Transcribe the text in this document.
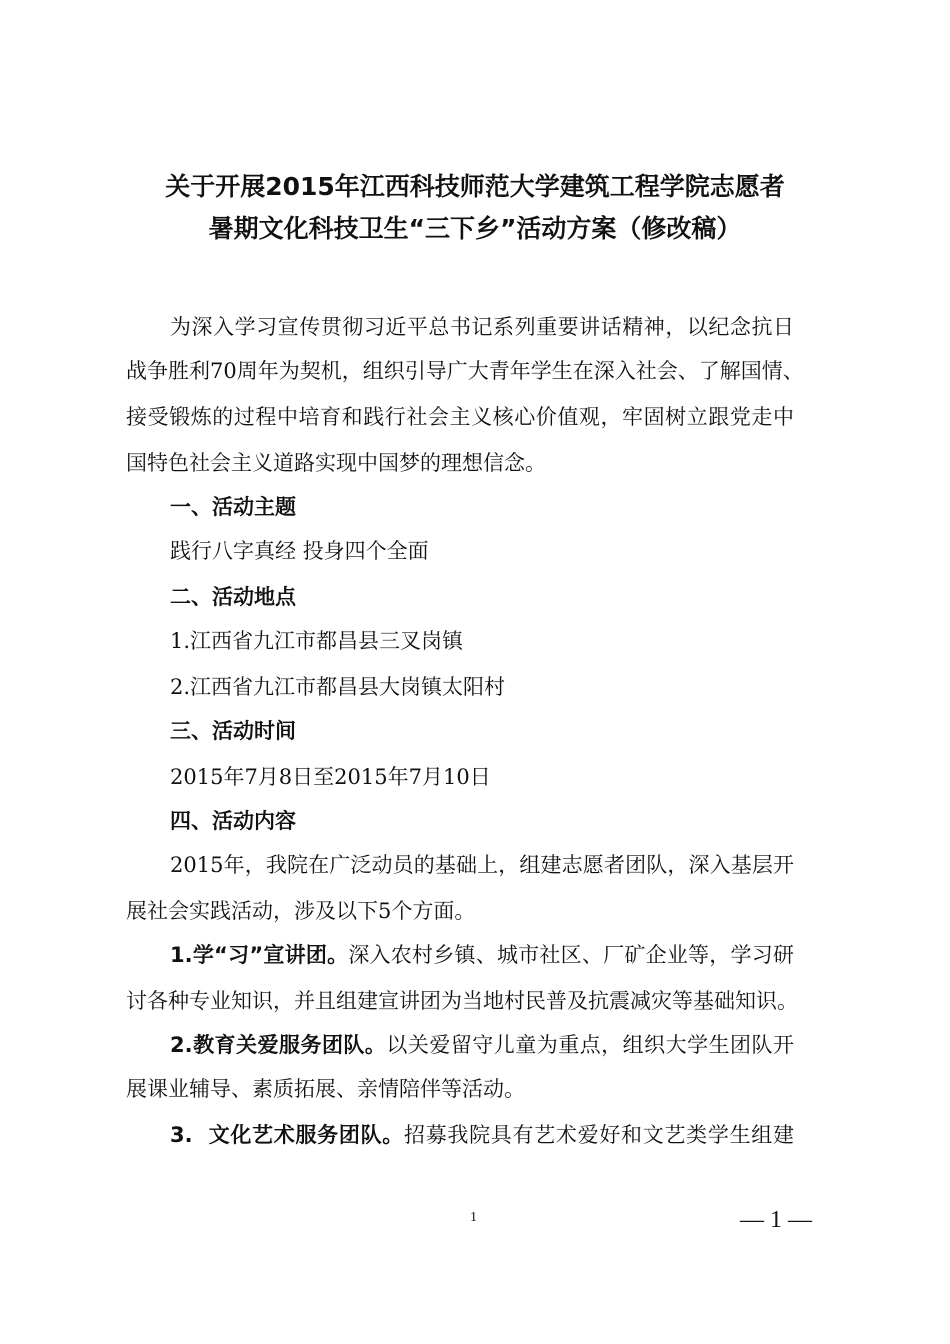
关于开展2015年江西科技师范大学建筑工程学院志愿者
暑期文化科技卫生“三下乡”活动方案（修改稿）
为深入学习宣传贯彻习近平总书记系列重要讲话精神，以纪念抗日
战争胜利70周年为契机，组织引导广大青年学生在深入社会、了解国情、
接受锻炼的过程中培育和践行社会主义核心价值观，牢固树立跟党走中
国特色社会主义道路实现中国梦的理想信念。
一、活动主题
践行八字真经 投身四个全面
二、活动地点
1.江西省九江市都昌县三叉岗镇
2.江西省九江市都昌县大岗镇太阳村
三、活动时间
2015年7月8日至2015年7月10日
四、活动内容
2015年，我院在广泛动员的基础上，组建志愿者团队，深入基层开
展社会实践活动，涉及以下5个方面。
1.学“习”宣讲团。深入农村乡镇、城市社区、厂矿企业等，学习研
讨各种专业知识，并且组建宣讲团为当地村民普及抗震减灾等基础知识。
2.教育关爱服务团队。以关爱留守儿童为重点，组织大学生团队开
展课业辅导、素质拓展、亲情陪伴等活动。
3.  文化艺术服务团队。招募我院具有艺术爱好和文艺类学生组建
1	— 1 —
